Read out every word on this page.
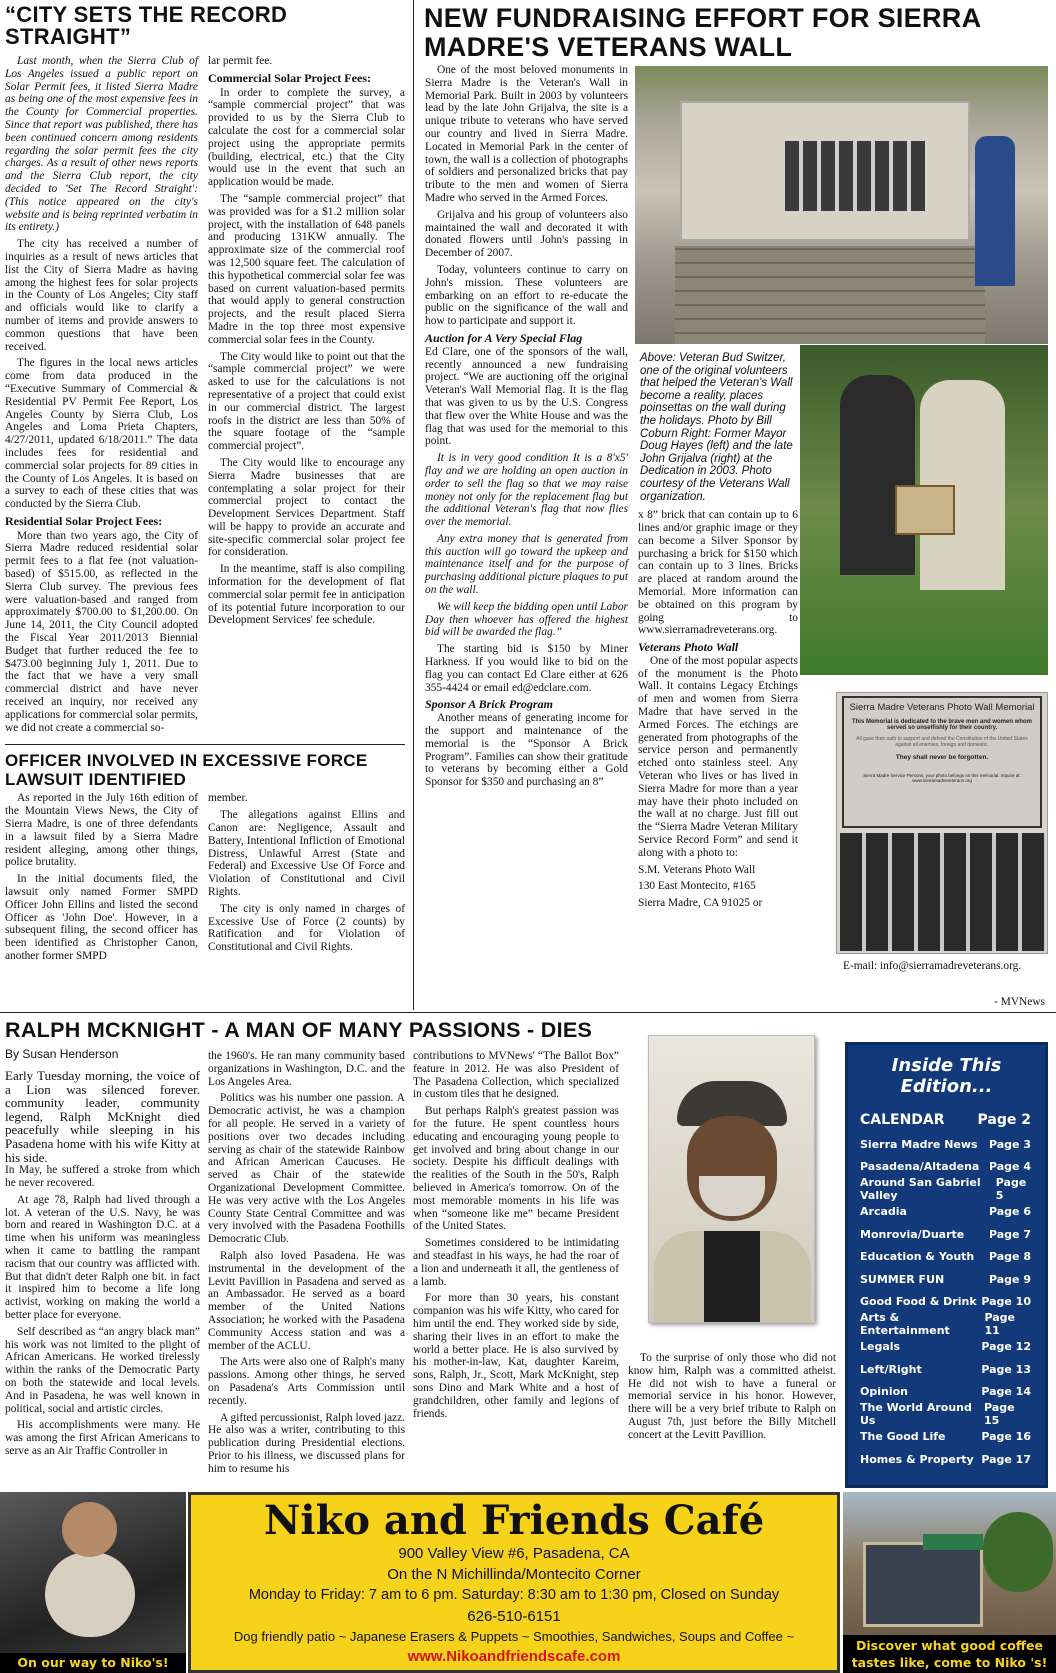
“CITY SETS THE RECORD STRAIGHT”

Last month, when the Sierra Club of Los Angeles issued a public report on Solar Permit fees, it listed Sierra Madre as being one of the most expensive fees in the County for Commercial properties. Since that report was published, there has been continued concern among residents regarding the solar permit fees the city charges. As a result of other news reports and the Sierra Club report, the city decided to 'Set The Record Straight': (This notice appeared on the city's website and is being reprinted verbatim in its entirety.)

The city has received a number of inquiries as a result of news articles that list the City of Sierra Madre as having among the highest fees for solar projects in the County of Los Angeles; City staff and officials would like to clarify a number of items and provide answers to common questions that have been received.

The figures in the local news articles come from data produced in the “Executive Summary of Commercial & Residential PV Permit Fee Report, Los Angeles County by Sierra Club, Los Angeles and Loma Prieta Chapters, 4/27/2011, updated 6/18/2011.” The data includes fees for residential and commercial solar projects for 89 cities in the County of Los Angeles. It is based on a survey to each of these cities that was conducted by the Sierra Club.

Residential Solar Project Fees:

More than two years ago, the City of Sierra Madre reduced residential solar permit fees to a flat fee (not valuation-based) of $515.00, as reflected in the Sierra Club survey. The previous fees were valuation-based and ranged from approximately $700.00 to $1,200.00. On June 14, 2011, the City Council adopted the Fiscal Year 2011/2013 Biennial Budget that further reduced the fee to $473.00 beginning July 1, 2011. Due to the fact that we have a very small commercial district and have never received an inquiry, nor received any applications for commercial solar permits, we did not create a commercial so-

lar permit fee.

Commercial Solar Project Fees:

In order to complete the survey, a “sample commercial project” that was provided to us by the Sierra Club to calculate the cost for a commercial solar project using the appropriate permits (building, electrical, etc.) that the City would use in the event that such an application would be made.

The “sample commercial project” that was provided was for a $1.2 million solar project, with the installation of 648 panels and producing 131KW annually. The approximate size of the commercial roof was 12,500 square feet. The calculation of this hypothetical commercial solar fee was based on current valuation-based permits that would apply to general construction projects, and the result placed Sierra Madre in the top three most expensive commercial solar fees in the County.

The City would like to point out that the “sample commercial project” we were asked to use for the calculations is not representative of a project that could exist in our commercial district. The largest roofs in the district are less than 50% of the square footage of the “sample commercial project”.

The City would like to encourage any Sierra Madre businesses that are contemplating a solar project for their commercial project to contact the Development Services Department. Staff will be happy to provide an accurate and site-specific commercial solar project fee for consideration.

In the meantime, staff is also compiling information for the development of flat commercial solar permit fee in anticipation of its potential future incorporation to our Development Services' fee schedule.

OFFICER INVOLVED IN EXCESSIVE FORCE LAWSUIT IDENTIFIED

As reported in the July 16th edition of the Mountain Views News, the City of Sierra Madre, is one of three defendants in a lawsuit filed by a Sierra Madre resident alleging, among other things, police brutality.

In the initial documents filed, the lawsuit only named Former SMPD Officer John Ellins and listed the second Officer as 'John Doe'. However, in a subsequent filing, the second officer has been identified as Christopher Canon, another former SMPD

member.

The allegations against Ellins and Canon are: Negligence, Assault and Battery, Intentional Infliction of Emotional Distress, Unlawful Arrest (State and Federal) and Excessive Use Of Force and Violation of Constitutional and Civil Rights.

The city is only named in charges of Excessive Use of Force (2 counts) by Ratification and for Violation of Constitutional and Civil Rights.

NEW FUNDRAISING EFFORT FOR SIERRA MADRE'S VETERANS WALL

One of the most beloved monuments in Sierra Madre is the Veteran's Wall in Memorial Park. Built in 2003 by volunteers lead by the late John Grijalva, the site is a unique tribute to veterans who have served our country and lived in Sierra Madre. Located in Memorial Park in the center of town, the wall is a collection of photographs of soldiers and personalized bricks that pay tribute to the men and women of Sierra Madre who served in the Armed Forces.

Grijalva and his group of volunteers also maintained the wall and decorated it with donated flowers until John's passing in December of 2007.

Today, volunteers continue to carry on John's mission. These volunteers are embarking on an effort to re-educate the public on the significance of the wall and how to participate and support it.

Auction for A Very Special Flag

Ed Clare, one of the sponsors of the wall, recently announced a new fundraising project. “We are auctioning off the original Veteran's Wall Memorial flag. It is the flag that was given to us by the U.S. Congress that flew over the White House and was the flag that was used for the memorial to this point.

It is in very good condition It is a 8'x5' flay and we are holding an open auction in order to sell the flag so that we may raise money not only for the replacement flag but the additional Veteran's flag that now flies over the memorial.

Any extra money that is generated from this auction will go toward the upkeep and maintenance itself and for the purpose of purchasing additional picture plaques to put on the wall.

We will keep the bidding open until Labor Day then whoever has offered the highest bid will be awarded the flag.”

The starting bid is $150 by Miner Harkness. If you would like to bid on the flag you can contact Ed Clare either at 626 355-4424 or email ed@edclare.com.

Sponsor A Brick Program

Another means of generating income for the support and maintenance of the memorial is the “Sponsor A Brick Program”. Families can show their gratitude to veterans by becoming either a Gold Sponsor for $350 and purchasing an 8”

Above: Veteran Bud Switzer, one of the original volunteers that helped the Veteran's Wall become a reality, places poinsettas on the wall during the holidays. Photo by Bill Coburn Right: Former Mayor Doug Hayes (left) and the late John Grijalva (right) at the Dedication in 2003. Photo courtesy of the Veterans Wall organization.

x 8” brick that can contain up to 6 lines and/or graphic image or they can become a Silver Sponsor by purchasing a brick for $150 which can contain up to 3 lines. Bricks are placed at random around the Memorial. More information can be obtained on this program by going to www.sierramadreveterans.org.

Veterans Photo Wall

One of the most popular aspects of the monument is the Photo Wall. It contains Legacy Etchings of men and women from Sierra Madre that have served in the Armed Forces. The etchings are generated from photographs of the service person and permanently etched onto stainless steel. Any Veteran who lives or has lived in Sierra Madre for more than a year may have their photo included on the wall at no charge. Just fill out the “Sierra Madre Veteran Military Service Record Form” and send it along with a photo to:

S.M. Veterans Photo Wall

130 East Montecito, #165

Sierra Madre, CA 91025 or

Sierra Madre Veterans Photo Wall Memorial
This Memorial is dedicated to the brave men and women whom served so unselfishly for their country.
All gave their oath to support and defend the Constitution of the United States against all enemies, foreign and domestic.
They shall never be forgotten.
Sierra Madre Service Persons, your photo belongs on this memorial. Inquire at: www.sierramadreveterans.org
E-mail: info@sierramadreveterans.org.
- MVNews
RALPH MCKNIGHT - A MAN OF MANY PASSIONS - DIES
By Susan Henderson

Early Tuesday morning, the voice of a Lion was silenced forever. community leader, community legend, Ralph McKnight died peacefully while sleeping in his Pasadena home with his wife Kitty at his side.

In May, he suffered a stroke from which he never recovered.

At age 78, Ralph had lived through a lot. A veteran of the U.S. Navy, he was born and reared in Washington D.C. at a time when his uniform was meaningless when it came to battling the rampant racism that our country was afflicted with. But that didn't deter Ralph one bit. in fact it inspired him to become a life long activist, working on making the world a better place for everyone.

Self described as “an angry black man” his work was not limited to the plight of African Americans. He worked tirelessly within the ranks of the Democratic Party on both the statewide and local levels. And in Pasadena, he was well known in political, social and artistic circles.

His accomplishments were many. He was among the first African Americans to serve as an Air Traffic Controller in

the 1960's. He ran many community based organizations in Washington, D.C. and the Los Angeles Area.

Politics was his number one passion. A Democratic activist, he was a champion for all people. He served in a variety of positions over two decades including serving as chair of the statewide Rainbow and African American Caucuses. He served as Chair of the statewide Organizational Development Committee. He was very active with the Los Angeles County State Central Committee and was very involved with the Pasadena Foothills Democratic Club.

Ralph also loved Pasadena. He was instrumental in the development of the Levitt Pavillion in Pasadena and served as an Ambassador. He served as a board member of the United Nations Association; he worked with the Pasadena Community Access station and was a member of the ACLU.

The Arts were also one of Ralph's many passions. Among other things, he served on Pasadena's Arts Commission until recently.

A gifted percussionist, Ralph loved jazz. He also was a writer, contributing to this publication during Presidential elections. Prior to his illness, we discussed plans for him to resume his

contributions to MVNews' “The Ballot Box” feature in 2012. He was also President of The Pasadena Collection, which specialized in custom tiles that he designed.

But perhaps Ralph's greatest passion was for the future. He spent countless hours educating and encouraging young people to get involved and bring about change in our society. Despite his difficult dealings with the realities of the South in the 50's, Ralph believed in America's tomorrow. On of the most memorable moments in his life was when “someone like me” became President of the United States.

Sometimes considered to be intimidating and steadfast in his ways, he had the roar of a lion and underneath it all, the gentleness of a lamb.

For more than 30 years, his constant companion was his wife Kitty, who cared for him until the end. They worked side by side, sharing their lives in an effort to make the world a better place. He is also survived by his mother-in-law, Kat, daughter Kareim, sons, Ralph, Jr., Scott, Mark McKnight, step sons Dino and Mark White and a host of grandchildren, other family and legions of friends.

To the surprise of only those who did not know him, Ralph was a committed atheist. He did not wish to have a funeral or memorial service in his honor. However, there will be a very brief tribute to Ralph on August 7th, just before the Billy Mitchell concert at the Levitt Pavillion.

Inside This Edition...
CALENDAR Page 2
Sierra Madre News Page 3
Pasadena/Altadena Page 4
Around San Gabriel Valley
Page 5
Arcadia	Page 6
Monrovia/Duarte Page 7
Education & Youth Page 8
SUMMER FUN	Page 9
Good Food & Drink Page 10
Arts & Entertainment
Page 11
Legals	Page 12
Left/Right	Page 13
Opinion	Page 14
The World Around Us
Page 15
The Good Life	Page 16
Homes & Property Page 17
On our way to Niko's!
Niko and Friends Café
900 Valley View #6, Pasadena, CA
On the N Michillinda/Montecito Corner
Monday to Friday: 7 am to 6 pm. Saturday: 8:30 am to 1:30 pm, Closed on Sunday
626-510-6151
Dog friendly patio ~ Japanese Erasers & Puppets ~ Smoothies, Sandwiches, Soups and Coffee ~
www.Nikoandfriendscafe.com
Discover what good coffee tastes like, come to Niko 's!
